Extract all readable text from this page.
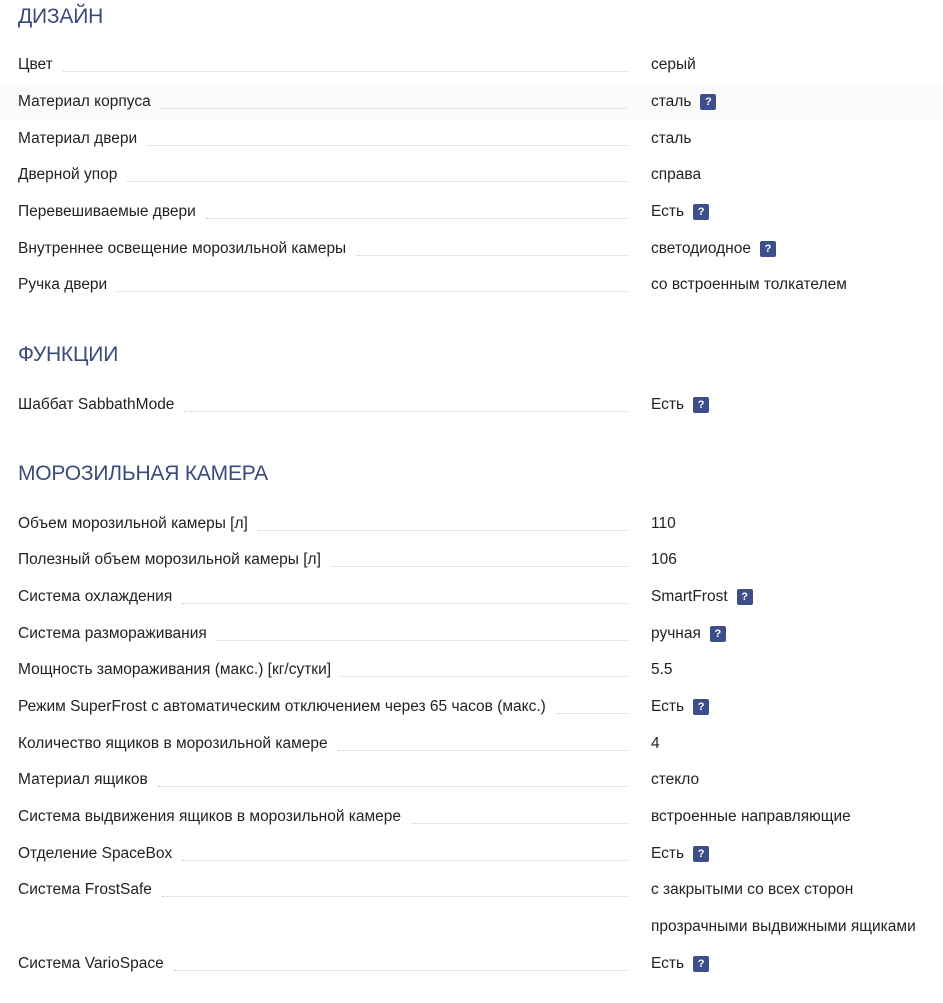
ДИЗАЙН
Цвет	серый
Материал корпуса	сталь	?
Материал двери	сталь
Дверной упор	справа
Перевешиваемые двери	Есть	?
Внутреннее освещение морозильной камеры	светодиодное	?
Ручка двери	со встроенным толкателем
ФУНКЦИИ
Шаббат SabbathMode	Есть	?
МОРОЗИЛЬНАЯ КАМЕРА
Объем морозильной камеры [л]	110
Полезный объем морозильной камеры [л]	106
Система охлаждения	SmartFrost	?
Система размораживания	ручная	?
Мощность замораживания (макс.) [кг/сутки]	5.5
Режим SuperFrost с автоматическим отключением через 65 часов (макс.)	Есть	?
Количество ящиков в морозильной камере	4
Материал ящиков	стекло
Система выдвижения ящиков в морозильной камере	встроенные направляющие
Отделение SpaceBox	Есть	?
Система FrostSafe	с закрытыми со всех сторон
прозрачными выдвижными ящиками
Система VarioSpace	Есть	?
